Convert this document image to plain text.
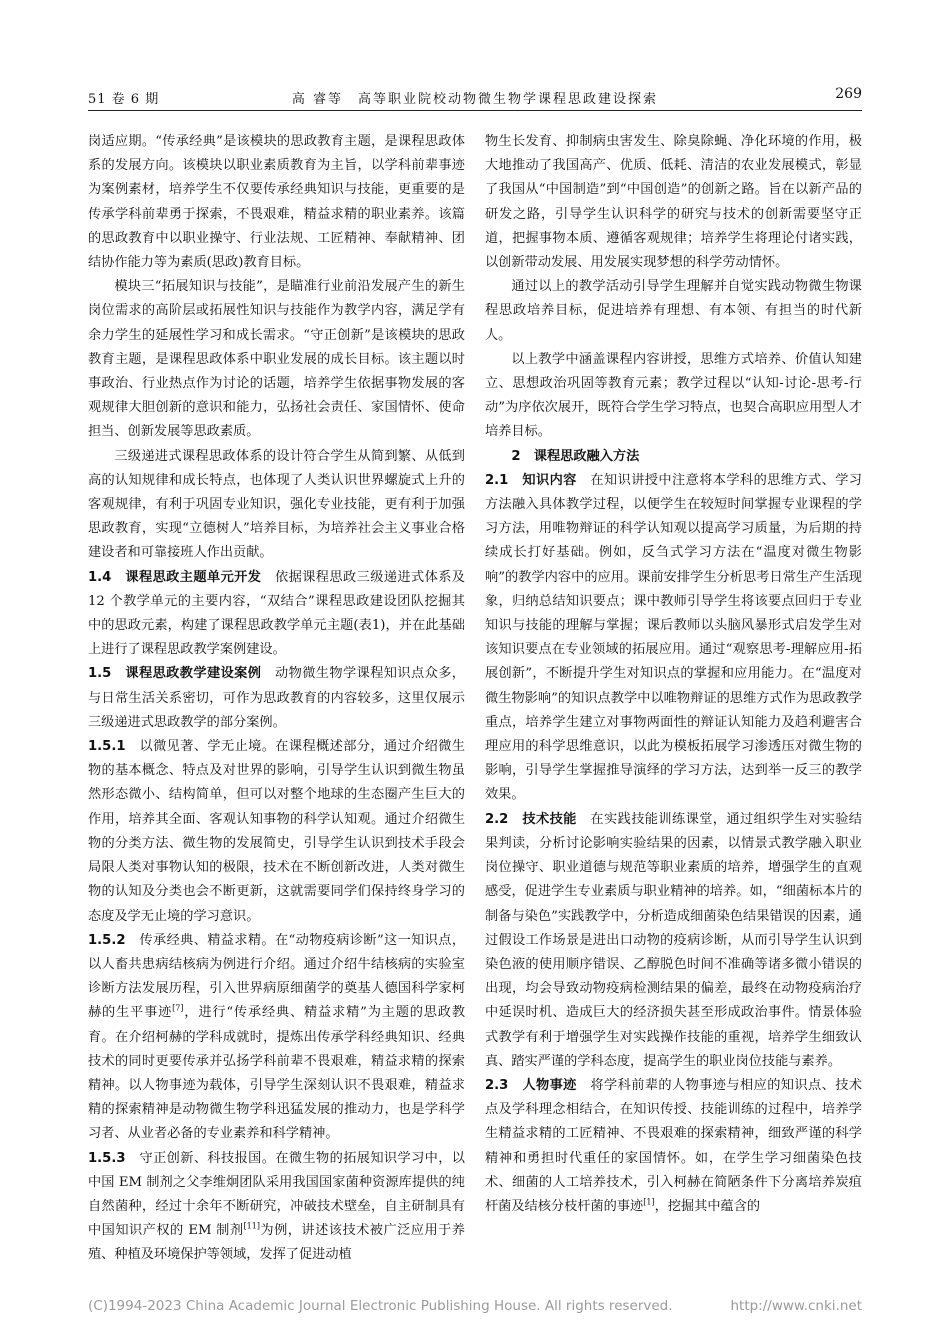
51 卷 6 期	高 睿等　高等职业院校动物微生物学课程思政建设探索	269

岗适应期。“传承经典”是该模块的思政教育主题，是课程思政体系的发展方向。该模块以职业素质教育为主旨，以学科前辈事迹为案例素材，培养学生不仅要传承经典知识与技能，更重要的是传承学科前辈勇于探索，不畏艰难，精益求精的职业素养。该篇的思政教育中以职业操守、行业法规、工匠精神、奉献精神、团结协作能力等为素质(思政)教育目标。

模块三“拓展知识与技能”，是瞄准行业前沿发展产生的新生岗位需求的高阶层或拓展性知识与技能作为教学内容，满足学有余力学生的延展性学习和成长需求。“守正创新”是该模块的思政教育主题，是课程思政体系中职业发展的成长目标。该主题以时事政治、行业热点作为讨论的话题，培养学生依据事物发展的客观规律大胆创新的意识和能力，弘扬社会责任、家国情怀、使命担当、创新发展等思政素质。

三级递进式课程思政体系的设计符合学生从简到繁、从低到高的认知规律和成长特点，也体现了人类认识世界螺旋式上升的客观规律，有利于巩固专业知识，强化专业技能，更有利于加强思政教育，实现“立德树人”培养目标，为培养社会主义事业合格建设者和可靠接班人作出贡献。

1.4　课程思政主题单元开发　 依据课程思政三级递进式体系及 12 个教学单元的主要内容，“双结合”课程思政建设团队挖掘其中的思政元素，构建了课程思政教学单元主题(表1)，并在此基础上进行了课程思政教学案例建设。

1.5　课程思政教学建设案例　 动物微生物学课程知识点众多，与日常生活关系密切，可作为思政教育的内容较多，这里仅展示三级递进式思政教学的部分案例。

1.5.1　 以微见著、学无止境。在课程概述部分，通过介绍微生物的基本概念、特点及对世界的影响，引导学生认识到微生物虽然形态微小、结构简单，但可以对整个地球的生态圈产生巨大的作用，培养其全面、客观认知事物的科学认知观。通过介绍微生物的分类方法、微生物的发展简史，引导学生认识到技术手段会局限人类对事物认知的极限，技术在不断创新改进，人类对微生物的认知及分类也会不断更新，这就需要同学们保持终身学习的态度及学无止境的学习意识。

1.5.2　 传承经典、精益求精。在“动物疫病诊断”这一知识点，以人畜共患病结核病为例进行介绍。通过介绍牛结核病的实验室诊断方法发展历程，引入世界病原细菌学的奠基人德国科学家柯赫的生平事迹[7]，进行“传承经典、精益求精”为主题的思政教育。在介绍柯赫的学科成就时，提炼出传承学科经典知识、经典技术的同时更要传承并弘扬学科前辈不畏艰难，精益求精的探索精神。以人物事迹为载体，引导学生深刻认识不畏艰难，精益求精的探索精神是动物微生物学科迅猛发展的推动力，也是学科学习者、从业者必备的专业素养和科学精神。

1.5.3　 守正创新、科技报国。在微生物的拓展知识学习中，以中国 EM 制剂之父李维炯团队采用我国国家菌种资源库提供的纯自然菌种，经过十余年不断研究，冲破技术壁垒，自主研制具有中国知识产权的 EM 制剂[11]为例，讲述该技术被广泛应用于养殖、种植及环境保护等领域，发挥了促进动植

物生长发育、抑制病虫害发生、除臭除蝇、净化环境的作用，极大地推动了我国高产、优质、低耗、清洁的农业发展模式，彰显了我国从“中国制造”到“中国创造”的创新之路。旨在以新产品的研发之路，引导学生认识科学的研究与技术的创新需要坚守正道，把握事物本质、遵循客观规律；培养学生将理论付诸实践，以创新带动发展、用发展实现梦想的科学劳动情怀。

通过以上的教学活动引导学生理解并自觉实践动物微生物课程思政培养目标，促进培养有理想、有本领、有担当的时代新人。

以上教学中涵盖课程内容讲授，思维方式培养、价值认知建立、思想政治巩固等教育元素；教学过程以“认知-讨论-思考-行动”为序依次展开，既符合学生学习特点，也契合高职应用型人才培养目标。

2　课程思政融入方法

2.1　知识内容　 在知识讲授中注意将本学科的思维方式、学习方法融入具体教学过程，以便学生在较短时间掌握专业课程的学习方法，用唯物辩证的科学认知观以提高学习质量，为后期的持续成长打好基础。例如，反刍式学习方法在“温度对微生物影响”的教学内容中的应用。课前安排学生分析思考日常生产生活现象，归纳总结知识要点；课中教师引导学生将该要点回归于专业知识与技能的理解与掌握；课后教师以头脑风暴形式启发学生对该知识要点在专业领域的拓展应用。通过“观察思考-理解应用-拓展创新”，不断提升学生对知识点的掌握和应用能力。在“温度对微生物影响”的知识点教学中以唯物辩证的思维方式作为思政教学重点，培养学生建立对事物两面性的辩证认知能力及趋利避害合理应用的科学思维意识，以此为模板拓展学习渗透压对微生物的影响，引导学生掌握推导演绎的学习方法，达到举一反三的教学效果。

2.2　技术技能　 在实践技能训练课堂，通过组织学生对实验结果判读，分析讨论影响实验结果的因素，以情景式教学融入职业岗位操守、职业道德与规范等职业素质的培养，增强学生的直观感受，促进学生专业素质与职业精神的培养。如，“细菌标本片的制备与染色”实践教学中，分析造成细菌染色结果错误的因素，通过假设工作场景是进出口动物的疫病诊断，从而引导学生认识到染色液的使用顺序错误、乙醇脱色时间不准确等诸多微小错误的出现，均会导致动物疫病检测结果的偏差，最终在动物疫病治疗中延误时机、造成巨大的经济损失甚至形成政治事件。情景体验式教学有利于增强学生对实践操作技能的重视，培养学生细致认真、踏实严谨的学科态度，提高学生的职业岗位技能与素养。

2.3　人物事迹　 将学科前辈的人物事迹与相应的知识点、技术点及学科理念相结合，在知识传授、技能训练的过程中，培养学生精益求精的工匠精神、不畏艰难的探索精神，细致严谨的科学精神和勇担时代重任的家国情怀。如，在学生学习细菌染色技术、细菌的人工培养技术，引入柯赫在简陋条件下分离培养炭疽杆菌及结核分枝杆菌的事迹[1]，挖掘其中蕴含的

(C)1994-2023 China Academic Journal Electronic Publishing House. All rights reserved.	http://www.cnki.net
